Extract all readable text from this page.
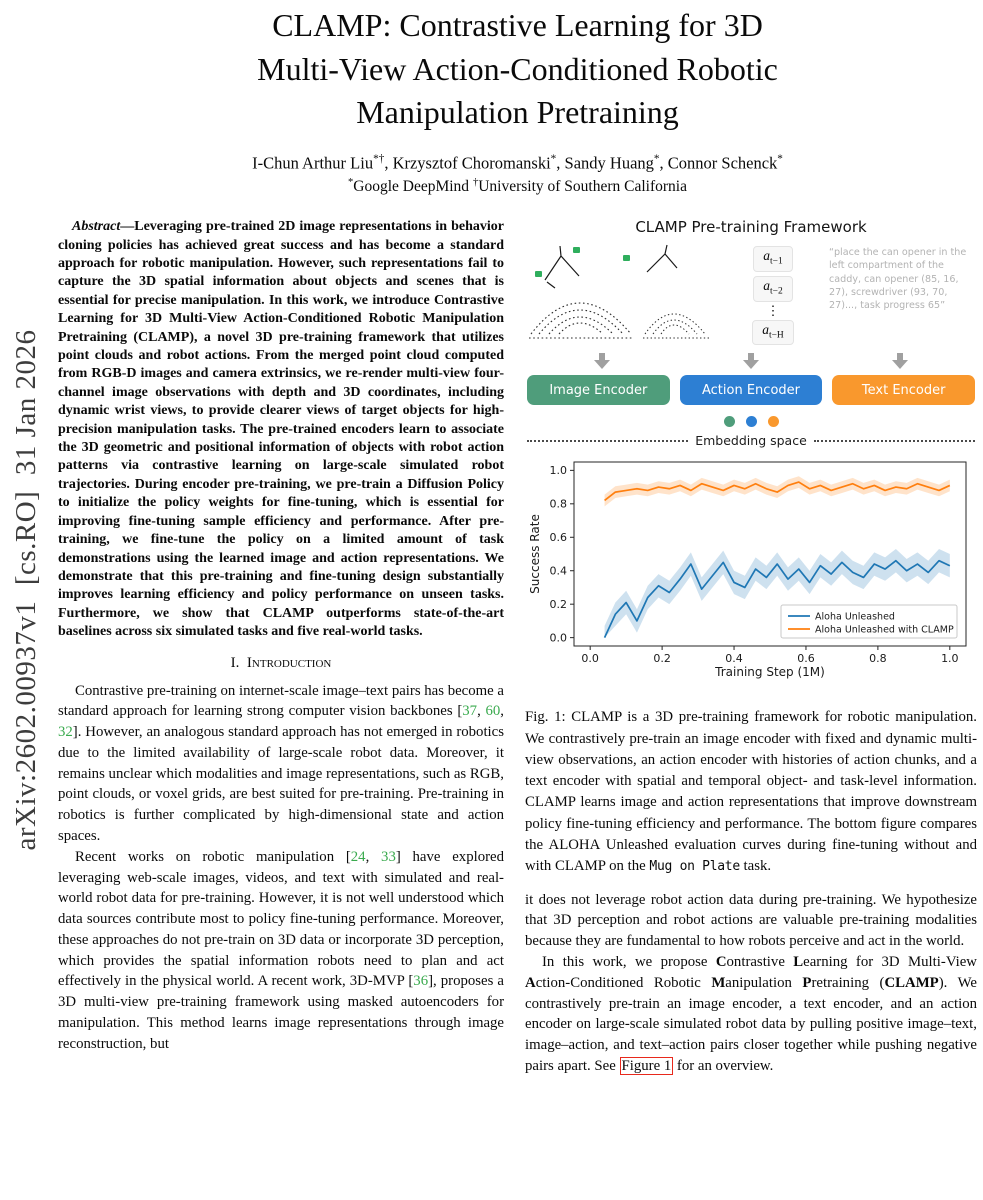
arXiv:2602.00937v1  [cs.RO]  31 Jan 2026
CLAMP: Contrastive Learning for 3D
Multi-View Action-Conditioned Robotic
Manipulation Pretraining
I-Chun Arthur Liu*†, Krzysztof Choromanski*, Sandy Huang*, Connor Schenck*
*Google DeepMind †University of Southern California

Abstract—Leveraging pre-trained 2D image representations in behavior cloning policies has achieved great success and has become a standard approach for robotic manipulation. However, such representations fail to capture the 3D spatial information about objects and scenes that is essential for precise manipulation. In this work, we introduce Contrastive Learning for 3D Multi-View Action-Conditioned Robotic Manipulation Pretraining (CLAMP), a novel 3D pre-training framework that utilizes point clouds and robot actions. From the merged point cloud computed from RGB-D images and camera extrinsics, we re-render multi-view four-channel image observations with depth and 3D coordinates, including dynamic wrist views, to provide clearer views of target objects for high-precision manipulation tasks. The pre-trained encoders learn to associate the 3D geometric and positional information of objects with robot action patterns via contrastive learning on large-scale simulated robot trajectories. During encoder pre-training, we pre-train a Diffusion Policy to initialize the policy weights for fine-tuning, which is essential for improving fine-tuning sample efficiency and performance. After pre-training, we fine-tune the policy on a limited amount of task demonstrations using the learned image and action representations. We demonstrate that this pre-training and fine-tuning design substantially improves learning efficiency and policy performance on unseen tasks. Furthermore, we show that CLAMP outperforms state-of-the-art baselines across six simulated tasks and five real-world tasks.

I. Introduction

Contrastive pre-training on internet-scale image–text pairs has become a standard approach for learning strong computer vision backbones [37, 60, 32]. However, an analogous standard approach has not emerged in robotics due to the limited availability of large-scale robot data. Moreover, it remains unclear which modalities and image representations, such as RGB, point clouds, or voxel grids, are best suited for pre-training. Pre-training in robotics is further complicated by high-dimensional state and action spaces.

Recent works on robotic manipulation [24, 33] have explored leveraging web-scale images, videos, and text with simulated and real-world robot data for pre-training. However, it is not well understood which data sources contribute most to policy fine-tuning performance. Moreover, these approaches do not pre-train on 3D data or incorporate 3D perception, which provides the spatial information robots need to plan and act effectively in the physical world. A recent work, 3D-MVP [36], proposes a 3D multi-view pre-training framework using masked autoencoders for manipulation. This method learns image representations through image reconstruction, but

CLAMP Pre-training Framework
$a_{t-1}$
$a_{t-2}$
⋮
$a_{t-H}$
“place the can opener in the left compartment of the caddy, can opener (85, 16, 27), screwdriver (93, 70, 27)..., task progress 65”
Image Encoder	Action Encoder	Text Encoder
Embedding space
0.0	0.2	0.4	0.6	0.8	1.0
0.0
0.2
0.4
0.6
0.8
1.0
Training Step (1M)
Success Rate
Aloha Unleashed
Aloha Unleashed with CLAMP

Fig. 1: CLAMP is a 3D pre-training framework for robotic manipulation. We contrastively pre-train an image encoder with fixed and dynamic multi-view observations, an action encoder with histories of action chunks, and a text encoder with spatial and temporal object- and task-level information. CLAMP learns image and action representations that improve downstream policy fine-tuning efficiency and performance. The bottom figure compares the ALOHA Unleashed evaluation curves during fine-tuning without and with CLAMP on the Mug on Plate task.

it does not leverage robot action data during pre-training. We hypothesize that 3D perception and robot actions are valuable pre-training modalities because they are fundamental to how robots perceive and act in the world.

In this work, we propose Contrastive Learning for 3D Multi-View Action-Conditioned Robotic Manipulation Pretraining (CLAMP). We contrastively pre-train an image encoder, a text encoder, and an action encoder on large-scale simulated robot data by pulling positive image–text, image–action, and text–action pairs closer together while pushing negative pairs apart. See Figure 1 for an overview.
